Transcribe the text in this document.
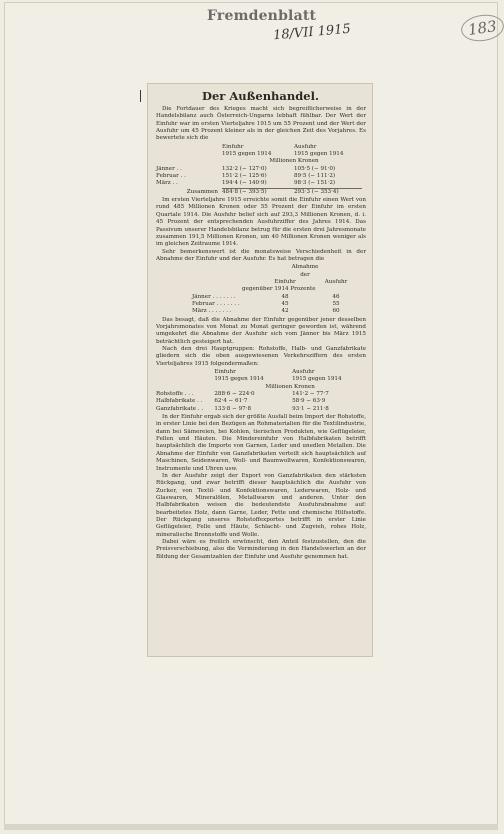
Fremdenblatt
18/VII 1915	183
Der Außenhandel.

Die Fortdauer des Krieges macht sich begreiflicherweise in der Handelsbilanz auch Österreich-Ungarns lebhaft fühlbar. Der Wert der Einfuhr war im ersten Vierteljahre 1915 um 55 Prozent und der Wert der Ausfuhr um 45 Prozent kleiner als in der gleichen Zeit des Vorjahres. Es bewertete sich die

Einfuhr	Ausfuhr
1915 gegen 1914	1915 gegen 1914
Millionen Kronen
Jänner . .	132·2 (− 127·0)	105·5 (− 91·0)
Februar . .	151·2 (− 125·6)	89·5 (− 111·2)
März . .	194·4 (− 140·9)	98·3 (− 151·2)
Zusammen 484·8 (− 393·5)	293·3 (− 353·4)

Im ersten Vierteljahre 1915 erreichte somit die Einfuhr einen Wert von rund 485 Millionen Kronen oder 55 Prozent der Einfuhr im ersten Quartale 1914. Die Ausfuhr belief sich auf 293,3 Millionen Kronen, d. i. 45 Prozent der entsprechenden Ausfuhrziffer des Jahres 1914. Das Passivum unserer Handelsbilanz betrug für die ersten drei Jahresmonate zusammen 191,5 Millionen Kronen, um 40 Millionen Kronen weniger als im gleichen Zeitraume 1914.

Sehr bemerkenswert ist die monatsweise Verschiedenheit in der Abnahme der Einfuhr und der Ausfuhr. Es hat betragen die

Abnahme
der
Einfuhr	Ausfuhr
gegenüber 1914 Prozente
Jänner . . . . . . .	48	46
Februar . . . . . . .	45	55
März . . . . . . .	42	60

Das besagt, daß die Abnahme der Einfuhr gegenüber jener desselben Vorjahrsmonates von Monat zu Monat geringer geworden ist, während umgekehrt die Abnahme der Ausfuhr sich vom Jänner bis März 1915 beträchtlich gesteigert hat.

Nach den drei Hauptgruppen: Rohstoffe, Halb- und Ganzfabrikate gliedern sich die oben ausgewiesenen Verkehrsziffern des ersten Vierteljahres 1915 folgendermaßen:

Einfuhr	Ausfuhr
1915 gegen 1914	1915 gegen 1914
Millionen Kronen
Rohstoffe . . .	288·6 − 224·0	141·2 − 77·7
Halbfabrikate . .	62·4 − 61·7	58·9 − 63·9
Ganzfabrikate . .	133·8 − 97·8	93·1 − 211·8

In der Einfuhr ergab sich der größte Ausfall beim Import der Rohstoffe, in erster Linie bei den Bezügen an Rohmaterialien für die Textilindustrie, dann bei Sämereien, bei Kohlen, tierischen Produkten, wie Geflügeleier, Fellen und Häuten. Die Mindereinfuhr von Halbfabrikaten betrifft hauptsächlich die Importe von Garnen, Leder und unedlen Metallen. Die Abnahme der Einfuhr von Ganzfabrikaten verteilt sich hauptsächlich auf Maschinen, Seidenwaren, Woll- und Baumwollwaren, Konfektionswaren, Instrumente und Uhren usw.

In der Ausfuhr zeigt der Export von Ganzfabrikaten den stärksten Rückgang, und zwar betrifft dieser hauptsächlich die Ausfuhr von Zucker, von Textil- und Konfektionswaren, Lederwaren, Holz- und Glaswaren, Mineralölen, Metallwaren und anderen. Unter den Halbfabrikaten weisen die bedeutendste Ausfuhrabnahme auf: bearbeitetes Holz, dann Garne, Leder, Fette und chemische Hilfsstoffe. Der Rückgang unseres Rohstoffexportes betrifft in erster Linie Geflügeleier, Felle und Häute, Schlacht- und Zugvieh, rohes Holz, mineralische Brennstoffe und Wolle.

Dabei wäre es freilich erwünscht, den Anteil festzustellen, den die Preisverschiebung, also die Verminderung in den Handelswerten an der Bildung der Gesamtzahlen der Einfuhr und Ausfuhr genommen hat.
